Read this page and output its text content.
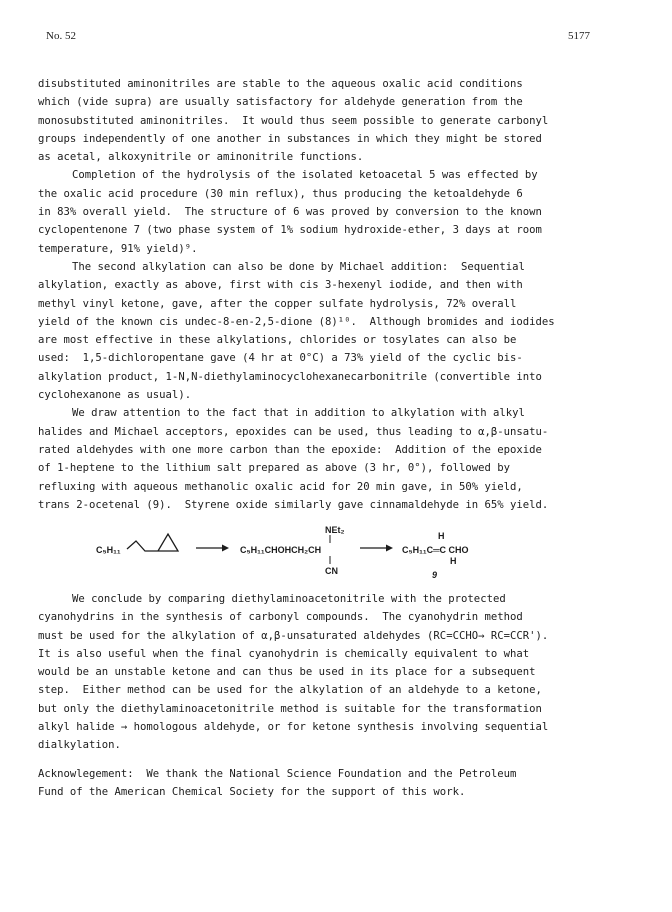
No. 52	5177

disubstituted aminonitriles are stable to the aqueous oxalic acid conditions

which (vide supra) are usually satisfactory for aldehyde generation from the

monosubstituted aminonitriles.  It would thus seem possible to generate carbonyl

groups independently of one another in substances in which they might be stored

as acetal, alkoxynitrile or aminonitrile functions.

Completion of the hydrolysis of the isolated ketoacetal 5 was effected by

the oxalic acid procedure (30 min reflux), thus producing the ketoaldehyde 6

in 83% overall yield.  The structure of 6 was proved by conversion to the known

cyclopentenone 7 (two phase system of 1% sodium hydroxide-ether, 3 days at room

temperature, 91% yield)⁹.

The second alkylation can also be done by Michael addition:  Sequential

alkylation, exactly as above, first with cis 3-hexenyl iodide, and then with

methyl vinyl ketone, gave, after the copper sulfate hydrolysis, 72% overall

yield of the known cis undec-8-en-2,5-dione (8)¹⁰.  Although bromides and iodides

are most effective in these alkylations, chlorides or tosylates can also be

used:  1,5-dichloropentane gave (4 hr at 0°C) a 73% yield of the cyclic bis-

alkylation product, 1-N,N-diethylaminocyclohexanecarbonitrile (convertible into

cyclohexanone as usual).

We draw attention to the fact that in addition to alkylation with alkyl

halides and Michael acceptors, epoxides can be used, thus leading to α,β-unsatu-

rated aldehydes with one more carbon than the epoxide:  Addition of the epoxide

of 1-heptene to the lithium salt prepared as above (3 hr, 0°), followed by

refluxing with aqueous methanolic oxalic acid for 20 min gave, in 50% yield,

trans 2-ocetenal (9).  Styrene oxide similarly gave cinnamaldehyde in 65% yield.

C₅H₁₁
NEt₂
C₅H₁₁CHOHCH₂CH
CN
H
C₅H₁₁C═C CHO
H
9

We conclude by comparing diethylaminoacetonitrile with the protected

cyanohydrins in the synthesis of carbonyl compounds.  The cyanohydrin method

must be used for the alkylation of α,β-unsaturated aldehydes (RC=CCHO→ RC=CCR').

It is also useful when the final cyanohydrin is chemically equivalent to what

would be an unstable ketone and can thus be used in its place for a subsequent

step.  Either method can be used for the alkylation of an aldehyde to a ketone,

but only the diethylaminoacetonitrile method is suitable for the transformation

alkyl halide → homologous aldehyde, or for ketone synthesis involving sequential

dialkylation.

Acknowlegement:  We thank the National Science Foundation and the Petroleum

Fund of the American Chemical Society for the support of this work.
